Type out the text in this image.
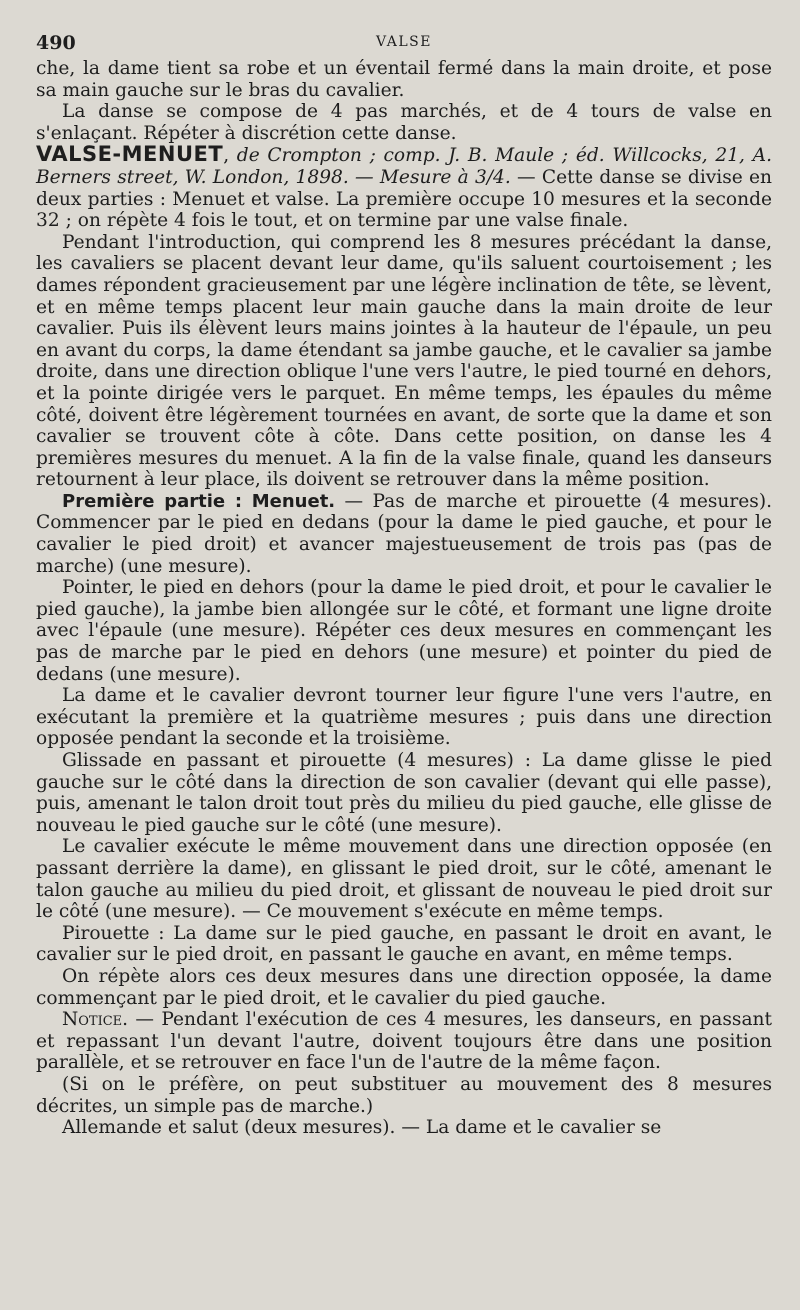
490	VALSE

che, la dame tient sa robe et un éventail fermé dans la main droite, et pose sa main gauche sur le bras du cavalier.

La danse se compose de 4 pas marchés, et de 4 tours de valse en s'enlaçant. Répéter à discrétion cette danse.

VALSE-MENUET, de Crompton ; comp. J. B. Maule ; éd. Willcocks, 21, A. Berners street, W. London, 1898. — Mesure à 3/4. — Cette danse se divise en deux parties : Menuet et valse. La première occupe 10 mesures et la seconde 32 ; on répète 4 fois le tout, et on termine par une valse finale.

Pendant l'introduction, qui comprend les 8 mesures précédant la danse, les cavaliers se placent devant leur dame, qu'ils saluent courtoisement ; les dames répondent gracieusement par une légère inclination de tête, se lèvent, et en même temps placent leur main gauche dans la main droite de leur cavalier. Puis ils élèvent leurs mains jointes à la hauteur de l'épaule, un peu en avant du corps, la dame étendant sa jambe gauche, et le cavalier sa jambe droite, dans une direction oblique l'une vers l'autre, le pied tourné en dehors, et la pointe dirigée vers le parquet. En même temps, les épaules du même côté, doivent être légèrement tournées en avant, de sorte que la dame et son cavalier se trouvent côte à côte. Dans cette position, on danse les 4 premières mesures du menuet. A la fin de la valse finale, quand les danseurs retournent à leur place, ils doivent se retrouver dans la même position.

Première partie : Menuet. — Pas de marche et pirouette (4 mesures). Commencer par le pied en dedans (pour la dame le pied gauche, et pour le cavalier le pied droit) et avancer majestueusement de trois pas (pas de marche) (une mesure).

Pointer, le pied en dehors (pour la dame le pied droit, et pour le cavalier le pied gauche), la jambe bien allongée sur le côté, et formant une ligne droite avec l'épaule (une mesure). Répéter ces deux mesures en commençant les pas de marche par le pied en dehors (une mesure) et pointer du pied de dedans (une mesure).

La dame et le cavalier devront tourner leur figure l'une vers l'autre, en exécutant la première et la quatrième mesures ; puis dans une direction opposée pendant la seconde et la troisième.

Glissade en passant et pirouette (4 mesures) : La dame glisse le pied gauche sur le côté dans la direction de son cavalier (devant qui elle passe), puis, amenant le talon droit tout près du milieu du pied gauche, elle glisse de nouveau le pied gauche sur le côté (une mesure).

Le cavalier exécute le même mouvement dans une direction opposée (en passant derrière la dame), en glissant le pied droit, sur le côté, amenant le talon gauche au milieu du pied droit, et glissant de nouveau le pied droit sur le côté (une mesure). — Ce mouvement s'exécute en même temps.

Pirouette : La dame sur le pied gauche, en passant le droit en avant, le cavalier sur le pied droit, en passant le gauche en avant, en même temps.

On répète alors ces deux mesures dans une direction opposée, la dame commençant par le pied droit, et le cavalier du pied gauche.

Notice. — Pendant l'exécution de ces 4 mesures, les danseurs, en passant et repassant l'un devant l'autre, doivent toujours être dans une position parallèle, et se retrouver en face l'un de l'autre de la même façon.

(Si on le préfère, on peut substituer au mouvement des 8 mesures décrites, un simple pas de marche.)

Allemande et salut (deux mesures). — La dame et le cavalier se
